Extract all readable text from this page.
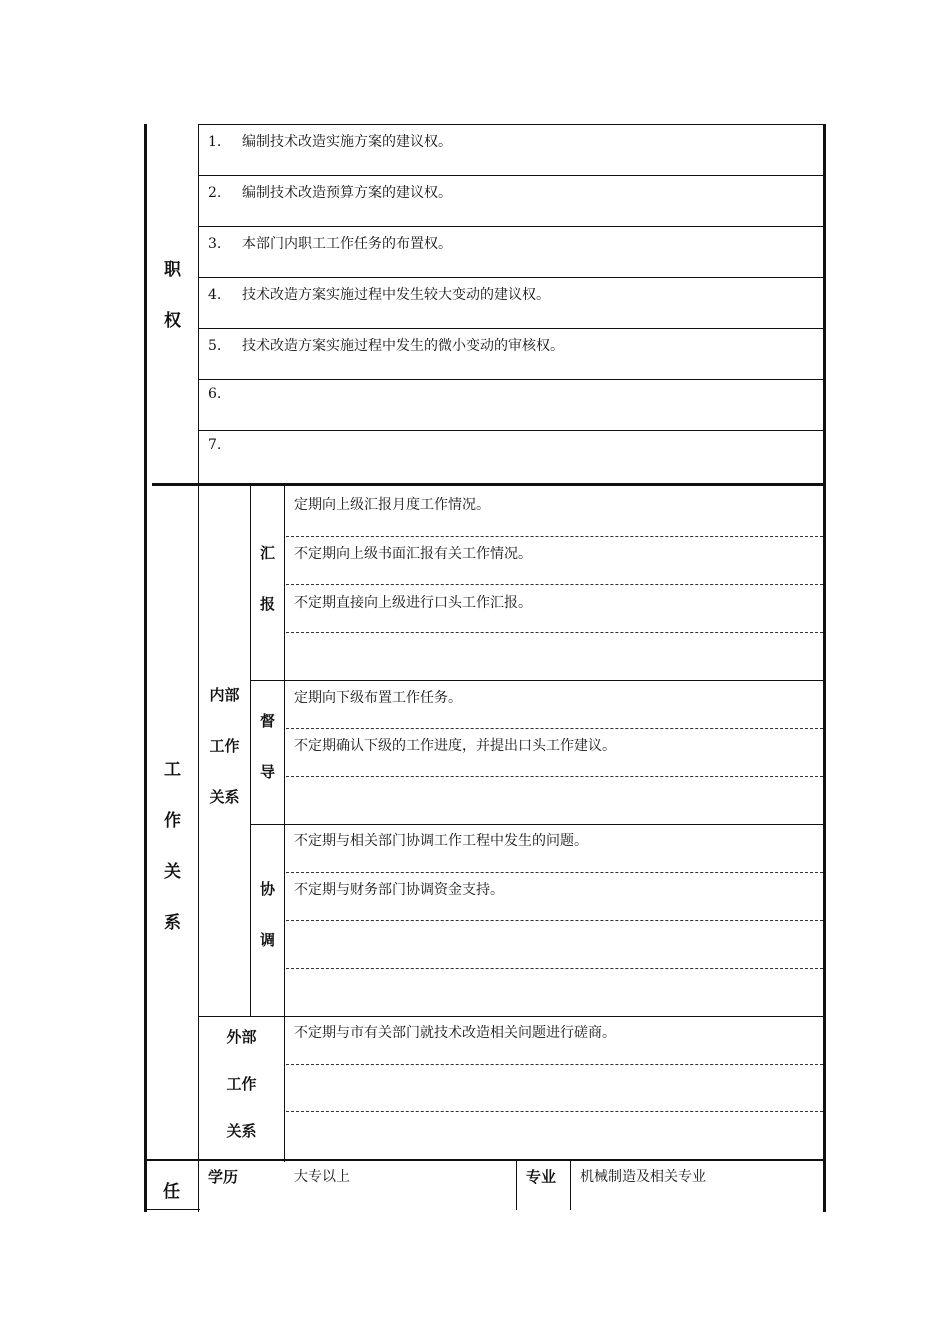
职
权
1. 编制技术改造实施方案的建议权。
2. 编制技术改造预算方案的建议权。
3. 本部门内职工工作任务的布置权。
4. 技术改造方案实施过程中发生较大变动的建议权。
5. 技术改造方案实施过程中发生的微小变动的审核权。
6.
7.
工
作
关
系
内部
工作
关系
汇
报
定期向上级汇报月度工作情况。
不定期向上级书面汇报有关工作情况。
不定期直接向上级进行口头工作汇报。
督
导
定期向下级布置工作任务。
不定期确认下级的工作进度，并提出口头工作建议。
协
调
不定期与相关部门协调工作工程中发生的问题。
不定期与财务部门协调资金支持。
外部
工作
关系
不定期与市有关部门就技术改造相关问题进行磋商。
任
学历	大专以上	专业 机械制造及相关专业
